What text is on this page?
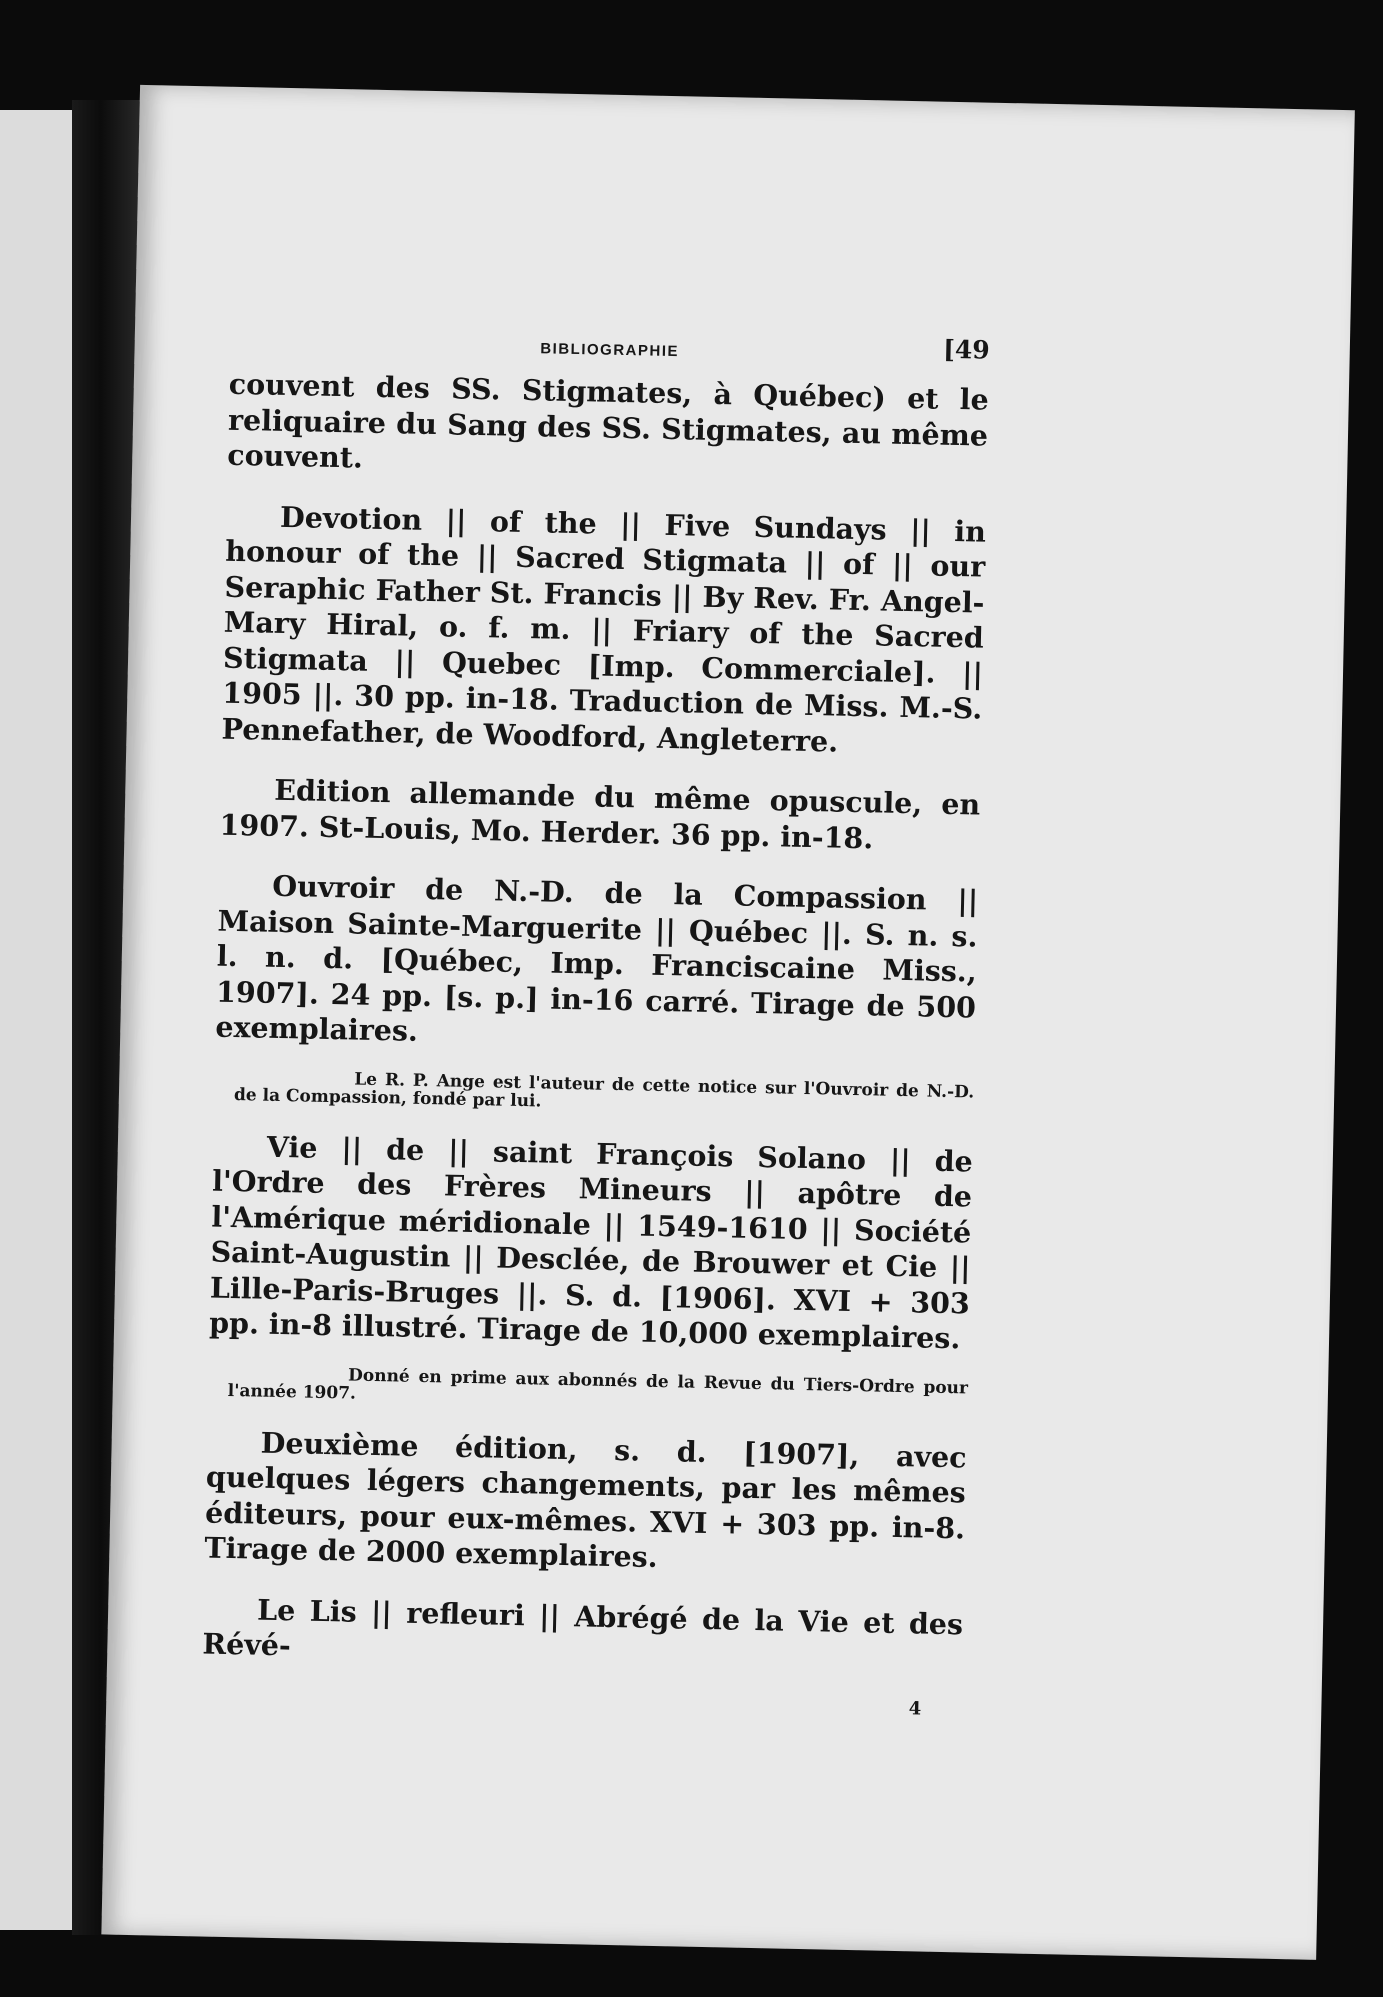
BIBLIOGRAPHIE	[49

couvent des SS. Stigmates, à Québec) et le reliquaire du Sang des SS. Stigmates, au même couvent.

Devotion || of the || Five Sundays || in honour of the || Sacred Stigmata || of || our Seraphic Father St. Francis || By Rev. Fr. Angel-Mary Hiral, o. f. m. || Friary of the Sacred Stigmata || Quebec [Imp. Commerciale]. || 1905 ||. 30 pp. in-18. Traduction de Miss. M.-S. Pennefather, de Woodford, Angleterre.

Edition allemande du même opuscule, en 1907. St-Louis, Mo. Herder. 36 pp. in-18.

Ouvroir de N.-D. de la Compassion || Maison Sainte-Marguerite || Québec ||. S. n. s. l. n. d. [Québec, Imp. Franciscaine Miss., 1907]. 24 pp. [s. p.] in-16 carré. Tirage de 500 exemplaires.

Le R. P. Ange est l'auteur de cette notice sur l'Ouvroir de N.-D. de la Compassion, fondé par lui.

Vie || de || saint François Solano || de l'Ordre des Frères Mineurs || apôtre de l'Amérique méridionale || 1549-1610 || Société Saint-Augustin || Desclée, de Brouwer et Cie || Lille-Paris-Bruges ||. S. d. [1906]. XVI + 303 pp. in-8 illustré. Tirage de 10,000 exemplaires.

Donné en prime aux abonnés de la Revue du Tiers-Ordre pour l'année 1907.

Deuxième édition, s. d. [1907], avec quelques légers changements, par les mêmes éditeurs, pour eux-mêmes. XVI + 303 pp. in-8. Tirage de 2000 exemplaires.

Le Lis || refleuri || Abrégé de la Vie et des Révé-

4
